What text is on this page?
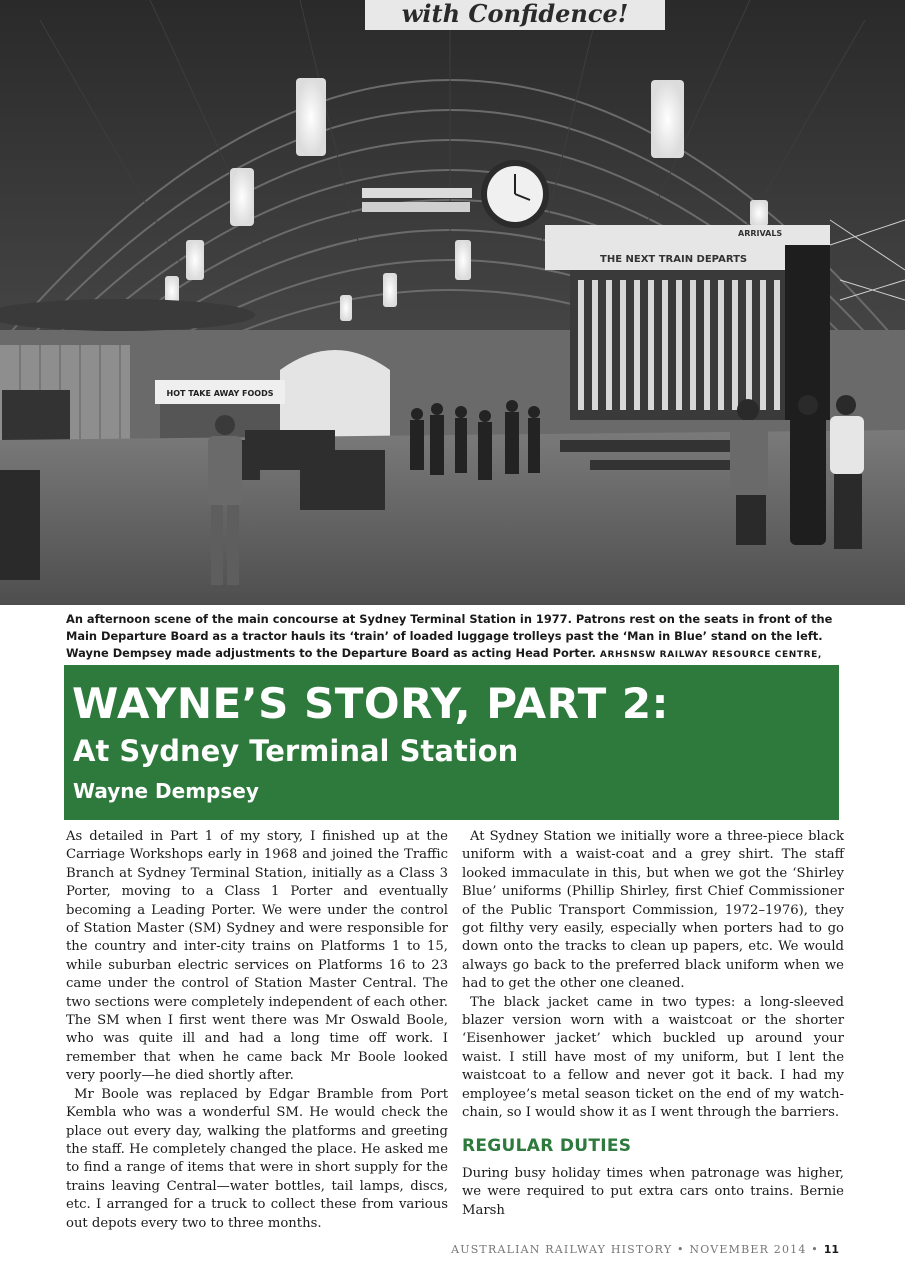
with Confidence!
HOT TAKE AWAY FOODS
THE NEXT TRAIN DEPARTS
ARRIVALS
An afternoon scene of the main concourse at Sydney Terminal Station in 1977. Patrons rest on the seats in front of the Main Departure Board as a tractor hauls its ‘train’ of loaded luggage trolleys past the ‘Man in Blue’ stand on the left. Wayne Dempsey made adjustments to the Departure Board as acting Head Porter. ARHSNSW RAILWAY RESOURCE CENTRE,
WAYNE’S STORY, PART 2:
At Sydney Terminal Station
Wayne Dempsey

As detailed in Part 1 of my story, I finished up at the Carriage Workshops early in 1968 and joined the Traffic Branch at Sydney Terminal Station, initially as a Class 3 Porter, moving to a Class 1 Porter and eventually becoming a Leading Porter. We were under the control of Station Master (SM) Sydney and were responsible for the country and inter-city trains on Platforms 1 to 15, while suburban electric services on Platforms 16 to 23 came under the control of Station Master Central. The two sections were completely independent of each other. The SM when I first went there was Mr Oswald Boole, who was quite ill and had a long time off work. I remember that when he came back Mr Boole looked very poorly—he died shortly after.

Mr Boole was replaced by Edgar Bramble from Port Kembla who was a wonderful SM. He would check the place out every day, walking the platforms and greeting the staff. He completely changed the place. He asked me to find a range of items that were in short supply for the trains leaving Central—water bottles, tail lamps, discs, etc. I arranged for a truck to collect these from various out depots every two to three months.

At Sydney Station we initially wore a three-piece black uniform with a waist-coat and a grey shirt. The staff looked immaculate in this, but when we got the ‘Shirley Blue’ uniforms (Phillip Shirley, first Chief Commissioner of the Public Transport Commission, 1972–1976), they got filthy very easily, especially when porters had to go down onto the tracks to clean up papers, etc. We would always go back to the preferred black uniform when we had to get the other one cleaned.

The black jacket came in two types: a long-sleeved blazer version worn with a waistcoat or the shorter ‘Eisenhower jacket’ which buckled up around your waist. I still have most of my uniform, but I lent the waistcoat to a fellow and never got it back. I had my employee’s metal season ticket on the end of my watch-chain, so I would show it as I went through the barriers.

REGULAR DUTIES

During busy holiday times when patronage was higher, we were required to put extra cars onto trains. Bernie Marsh

AUSTRALIAN RAILWAY HISTORY • NOVEMBER 2014 • 11
